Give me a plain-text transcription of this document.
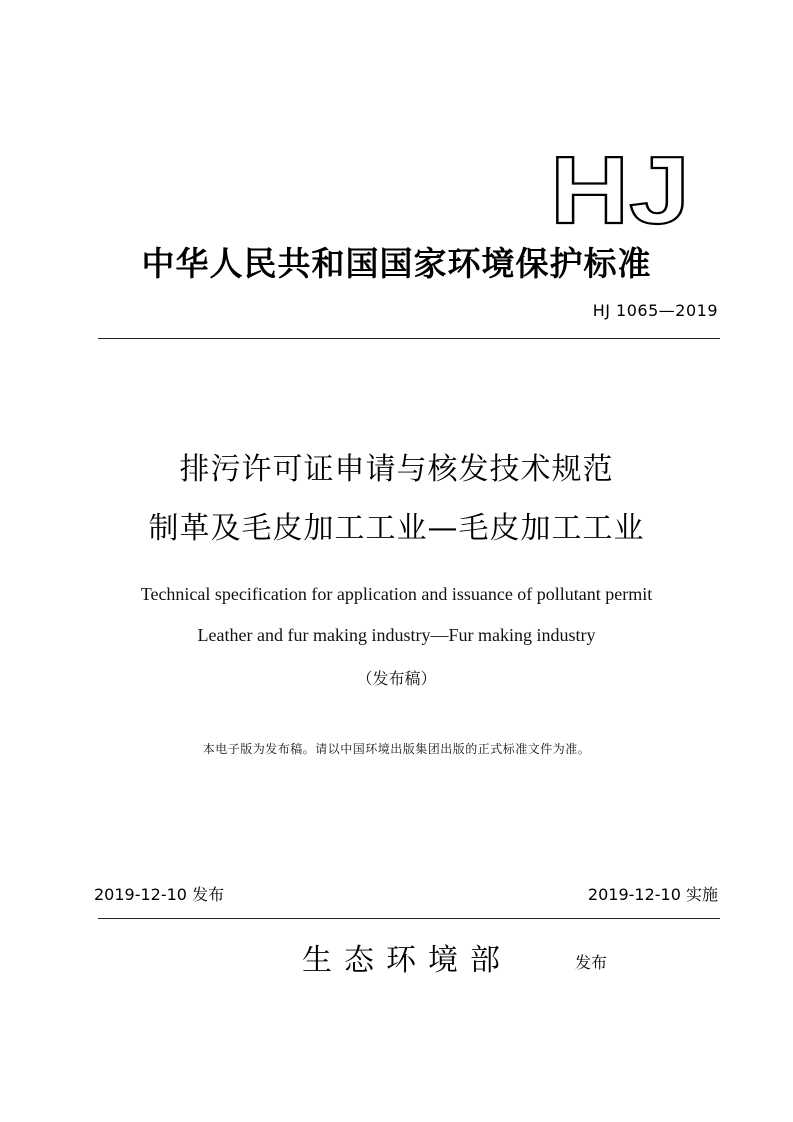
HJ
中华人民共和国国家环境保护标准
HJ 1065—2019
排污许可证申请与核发技术规范
制革及毛皮加工工业—毛皮加工工业
Technical specification for application and issuance of pollutant permit
Leather and fur making industry—Fur making industry
（发布稿）
本电子版为发布稿。请以中国环境出版集团出版的正式标准文件为准。
2019-12-10 发布	2019-12-10 实施
生态环境部	发布
